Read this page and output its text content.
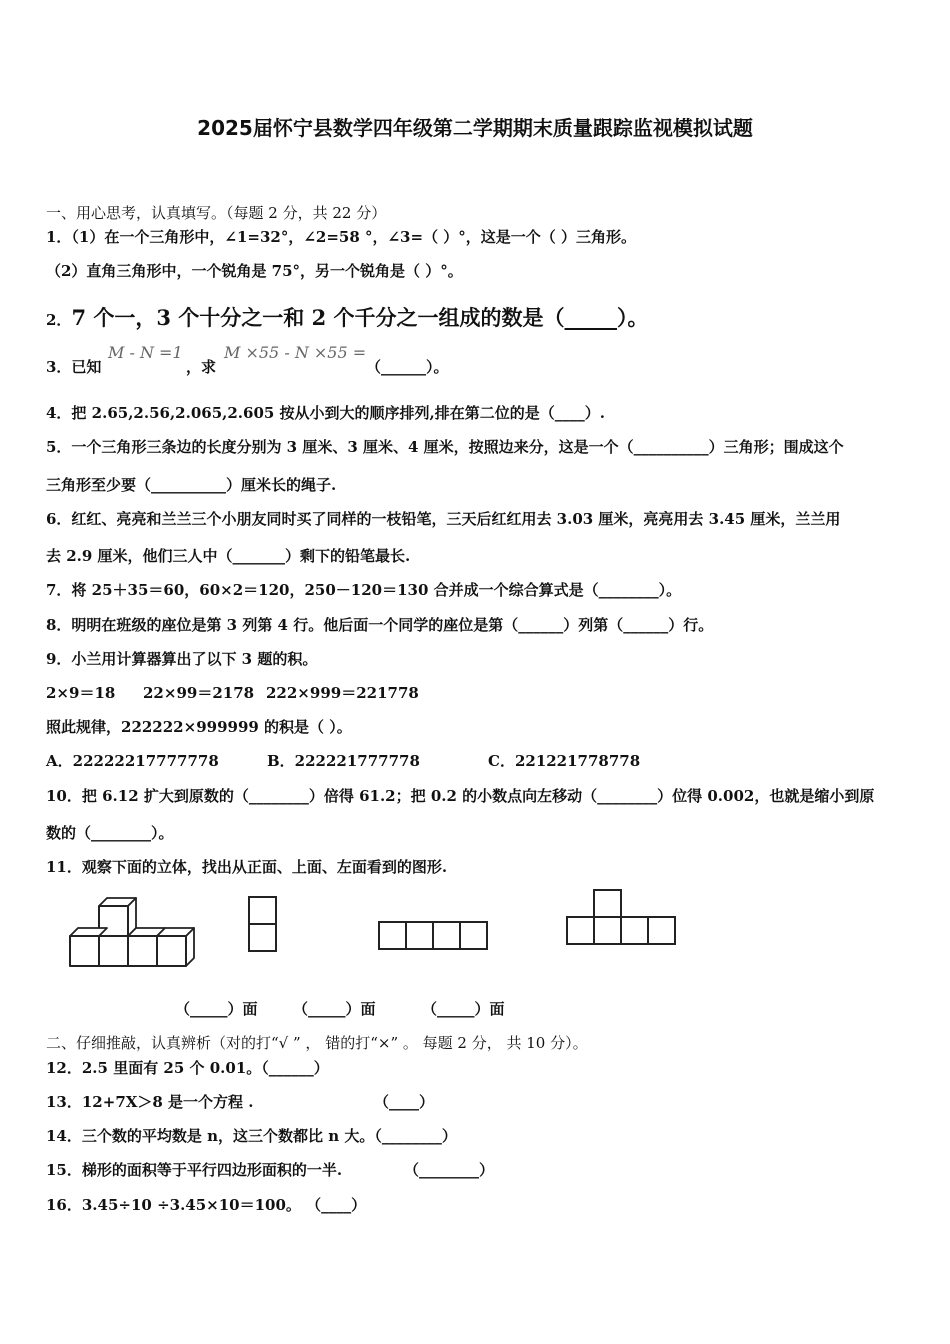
2025届怀宁县数学四年级第二学期期末质量跟踪监视模拟试题
一、用心思考，认真填写。（每题 2 分，共 22 分）
1．（1）在一个三角形中，∠1=32°，∠2=58 °，∠3=（ ）°，这是一个（ ）三角形。
（2）直角三角形中，一个锐角是 75°，另一个锐角是（ ）°。
2．7 个一，3 个十分之一和 2 个千分之一组成的数是（_____）。
3．已知
M - N =1
，求
M ×55 - N ×55 =
（______）。
4．把 2.65,2.56,2.065,2.605 按从小到大的顺序排列,排在第二位的是（____）.
5．一个三角形三条边的长度分别为 3 厘米、3 厘米、4 厘米，按照边来分，这是一个（__________）三角形；围成这个
三角形至少要（__________）厘米长的绳子.
6．红红、亮亮和兰兰三个小朋友同时买了同样的一枝铅笔，三天后红红用去 3.03 厘米，亮亮用去 3.45 厘米，兰兰用
去 2.9 厘米，他们三人中（_______）剩下的铅笔最长.
7．将 25＋35＝60，60×2＝120，250－120＝130 合并成一个综合算式是（________）。
8．明明在班级的座位是第 3 列第 4 行。他后面一个同学的座位是第（______）列第（______）行。
9．小兰用计算器算出了以下 3 题的积。
2×9＝18 22×99＝2178 222×999＝221778
照此规律，222222×999999 的积是（ ）。
A．22222217777778	B．222221777778	C．221221778778
10．把 6.12 扩大到原数的（________）倍得 61.2；把 0.2 的小数点向左移动（________）位得 0.002，也就是缩小到原
数的（________）。
11．观察下面的立体，找出从正面、上面、左面看到的图形.
（_____）面 （_____）面	（_____）面
二、仔细推敲，认真辨析（对的打“√ ” ， 错的打“×” 。 每题 2 分， 共 10 分）。
12．2.5 里面有 25 个 0.01。（______）
13．12+7X＞8 是一个方程 .	（____）
14．三个数的平均数是 n，这三个数都比 n 大。（________）
15．梯形的面积等于平行四边形面积的一半.	（________）
16．3.45÷10 ÷3.45×10＝100。 （____）
